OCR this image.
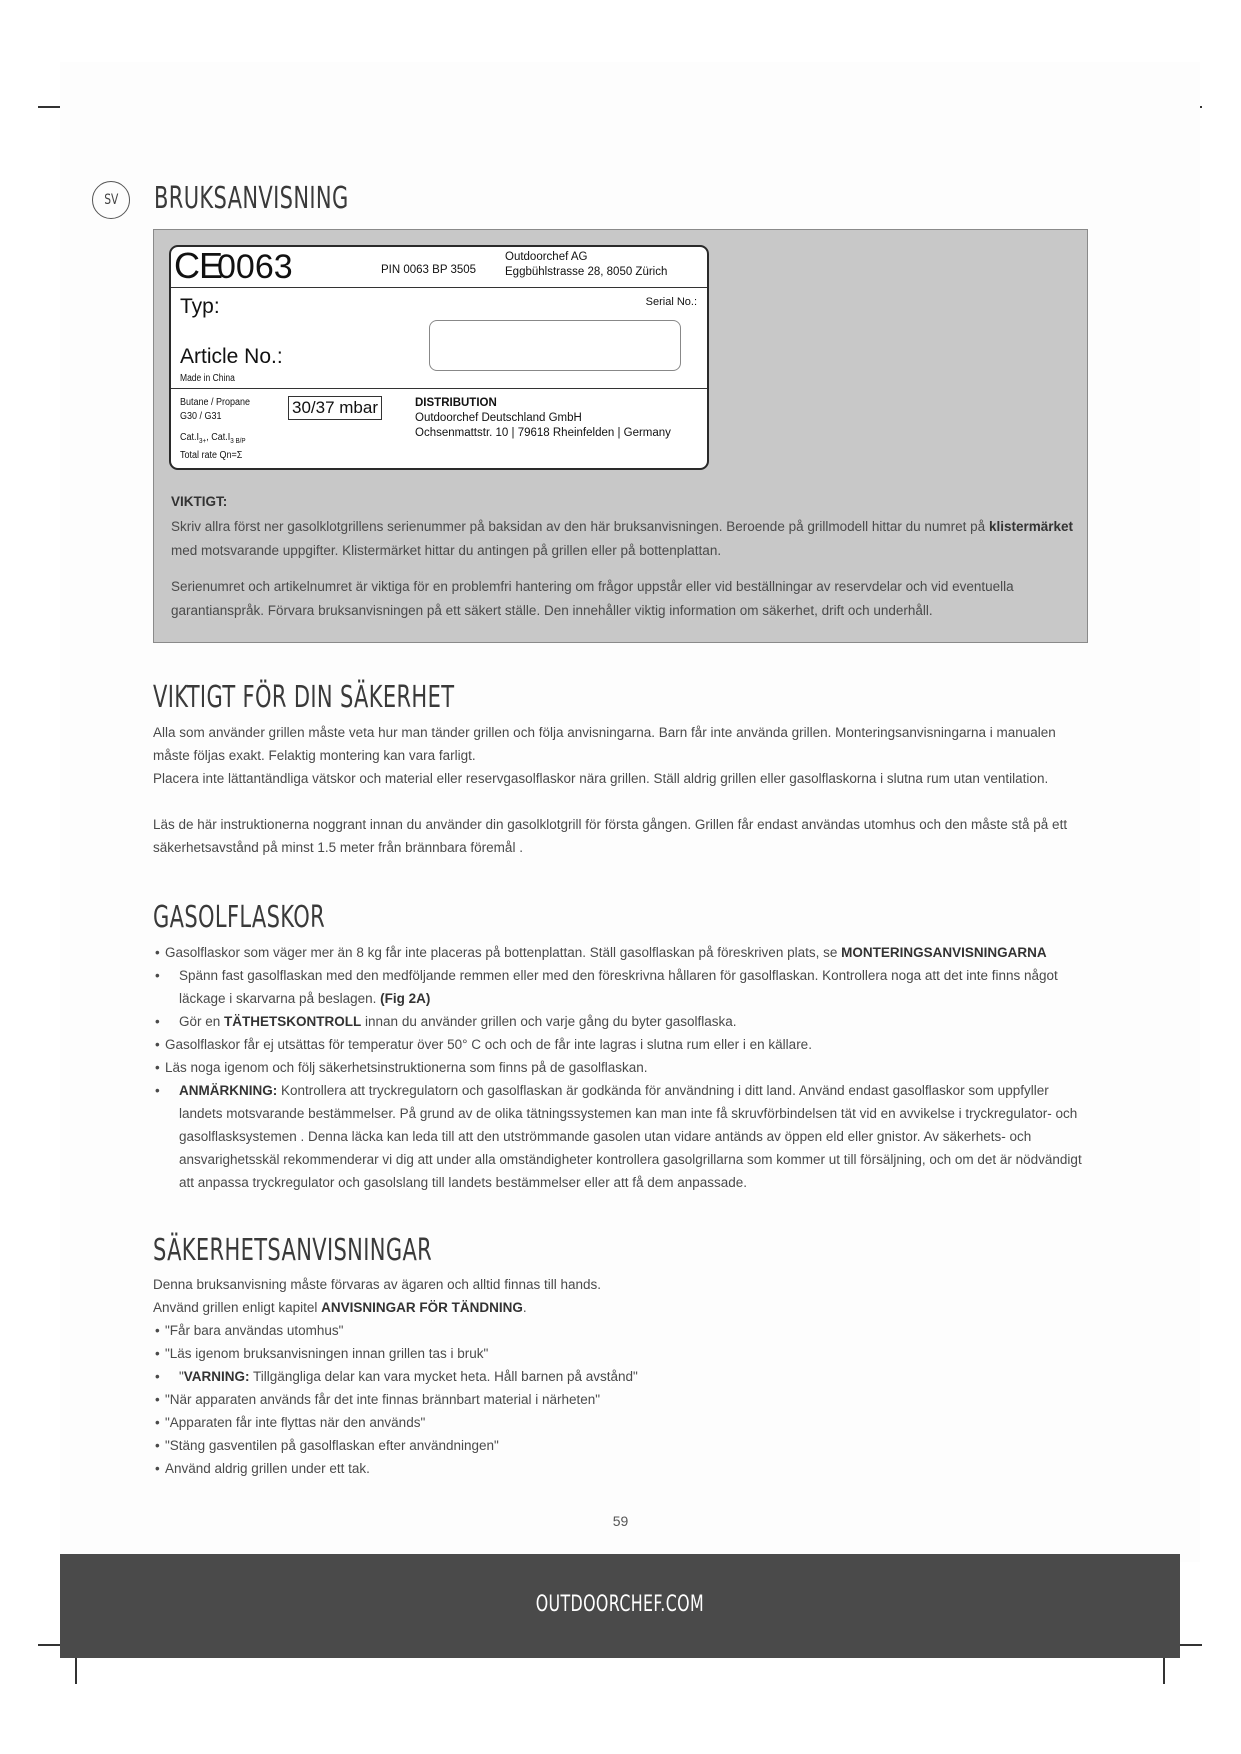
SV BRUKSANVISNING
CE
0063	PIN 0063 BP 3505
Outdoorchef AG
Eggbühlstrasse 28, 8050 Zürich
Typ:	Serial No.:
Article No.:
Made in China
Butane / Propane
G30 / G31	30/37 mbar
$Cat.I_{3+}$, $Cat.I_{3 B/P}$
Total rate Qn=Σ
DISTRIBUTION
Outdoorchef Deutschland GmbH
Ochsenmattstr. 10 | 79618 Rheinfelden | Germany
VIKTIGT:
Skriv allra först ner gasolklotgrillens serienummer på baksidan av den här bruksanvisningen. Beroende på grillmodell hittar du numret på klistermärket med motsvarande uppgifter. Klistermärket hittar du antingen på grillen eller på bottenplattan.
Serienumret och artikelnumret är viktiga för en problemfri hantering om frågor uppstår eller vid beställningar av reservdelar och vid eventuella garantianspråk. Förvara bruksanvisningen på ett säkert ställe. Den innehåller viktig information om säkerhet, drift och underhåll.
VIKTIGT FÖR DIN SÄKERHET

Alla som använder grillen måste veta hur man tänder grillen och följa anvisningarna. Barn får inte använda grillen. Monteringsanvisningarna i manualen måste följas exakt. Felaktig montering kan vara farligt.

Placera inte lättantändliga vätskor och material eller reservgasolflaskor nära grillen. Ställ aldrig grillen eller gasolflaskorna i slutna rum utan ventilation.

Läs de här instruktionerna noggrant innan du använder din gasolklotgrill för första gången. Grillen får endast användas utomhus och den måste stå på ett säkerhetsavstånd på minst 1.5 meter från brännbara föremål .

GASOLFLASKOR
• Gasolflaskor som väger mer än 8 kg får inte placeras på bottenplattan. Ställ gasolflaskan på föreskriven plats, se MONTERINGSANVISNINGARNA
•	Spänn fast gasolflaskan med den medföljande remmen eller med den föreskrivna hållaren för gasolflaskan. Kontrollera noga att det inte finns något läckage i skarvarna på beslagen. (Fig 2A)
•	Gör en TÄTHETSKONTROLL innan du använder grillen och varje gång du byter gasolflaska.
• Gasolflaskor får ej utsättas för temperatur över 50° C och och de får inte lagras i slutna rum eller i en källare.
• Läs noga igenom och följ säkerhetsinstruktionerna som finns på de gasolflaskan.
•	ANMÄRKNING: Kontrollera att tryckregulatorn och gasolflaskan är godkända för användning i ditt land. Använd endast gasolflaskor som uppfyller landets motsvarande bestämmelser. På grund av de olika tätningssystemen kan man inte få skruvförbindelsen tät vid en avvikelse i tryckregulator- och gasolflasksystemen . Denna läcka kan leda till att den utströmmande gasolen utan vidare antänds av öppen eld eller gnistor. Av säkerhets- och ansvarighetsskäl rekommenderar vi dig att under alla omständigheter kontrollera gasolgrillarna som kommer ut till försäljning, och om det är nödvändigt att anpassa tryckregulator och gasolslang till landets bestämmelser eller att få dem anpassade.
SÄKERHETSANVISNINGAR

Denna bruksanvisning måste förvaras av ägaren och alltid finnas till hands.

Använd grillen enligt kapitel ANVISNINGAR FÖR TÄNDNING.

• "Får bara användas utomhus"
• "Läs igenom bruksanvisningen innan grillen tas i bruk"
•	"VARNING: Tillgängliga delar kan vara mycket heta. Håll barnen på avstånd"
• "När apparaten används får det inte finnas brännbart material i närheten"
• "Apparaten får inte flyttas när den används"
• "Stäng gasventilen på gasolflaskan efter användningen"
• Använd aldrig grillen under ett tak.
59
OUTDOORCHEF.COM
